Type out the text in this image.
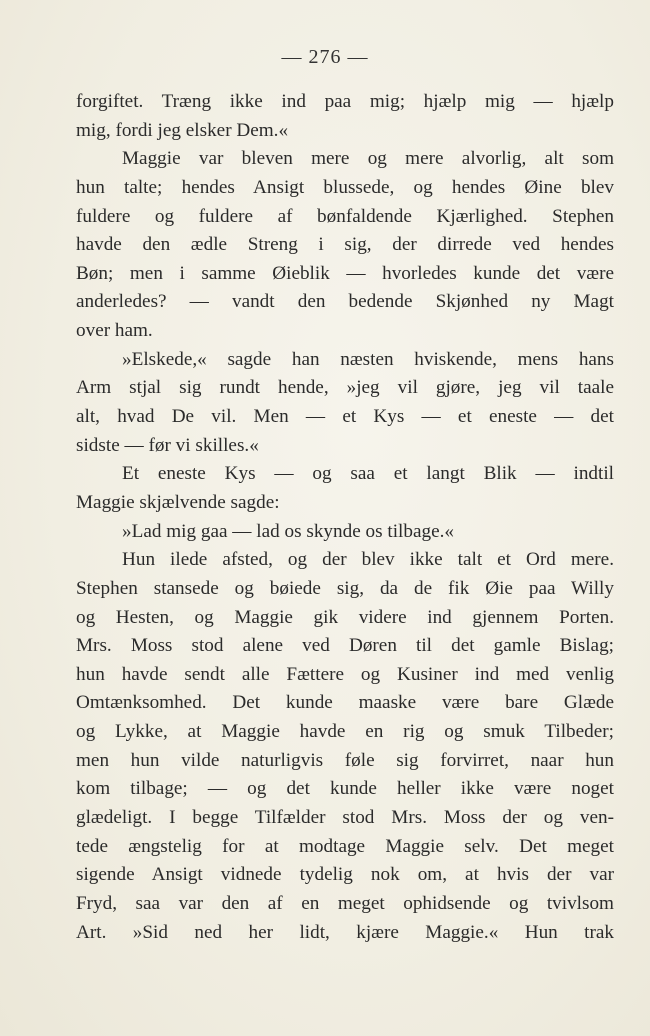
— 276 —
forgiftet. Træng ikke ind paa mig; hjælp mig — hjælp
mig, fordi jeg elsker Dem.«
Maggie var bleven mere og mere alvorlig, alt som
hun talte; hendes Ansigt blussede, og hendes Øine blev
fuldere og fuldere af bønfaldende Kjærlighed. Stephen
havde den ædle Streng i sig, der dirrede ved hendes
Bøn; men i samme Øieblik — hvorledes kunde det være
anderledes? — vandt den bedende Skjønhed ny Magt
over ham.
»Elskede,« sagde han næsten hviskende, mens hans
Arm stjal sig rundt hende, »jeg vil gjøre, jeg vil taale
alt, hvad De vil. Men — et Kys — et eneste — det
sidste — før vi skilles.«
Et eneste Kys — og saa et langt Blik — indtil
Maggie skjælvende sagde:
»Lad mig gaa — lad os skynde os tilbage.«
Hun ilede afsted, og der blev ikke talt et Ord mere.
Stephen stansede og bøiede sig, da de fik Øie paa Willy
og Hesten, og Maggie gik videre ind gjennem Porten.
Mrs. Moss stod alene ved Døren til det gamle Bislag;
hun havde sendt alle Fættere og Kusiner ind med venlig
Omtænksomhed. Det kunde maaske være bare Glæde
og Lykke, at Maggie havde en rig og smuk Tilbeder;
men hun vilde naturligvis føle sig forvirret, naar hun
kom tilbage; — og det kunde heller ikke være noget
glædeligt. I begge Tilfælder stod Mrs. Moss der og ven-
tede ængstelig for at modtage Maggie selv. Det meget
sigende Ansigt vidnede tydelig nok om, at hvis der var
Fryd, saa var den af en meget ophidsende og tvivlsom
Art. »Sid ned her lidt, kjære Maggie.« Hun trak
